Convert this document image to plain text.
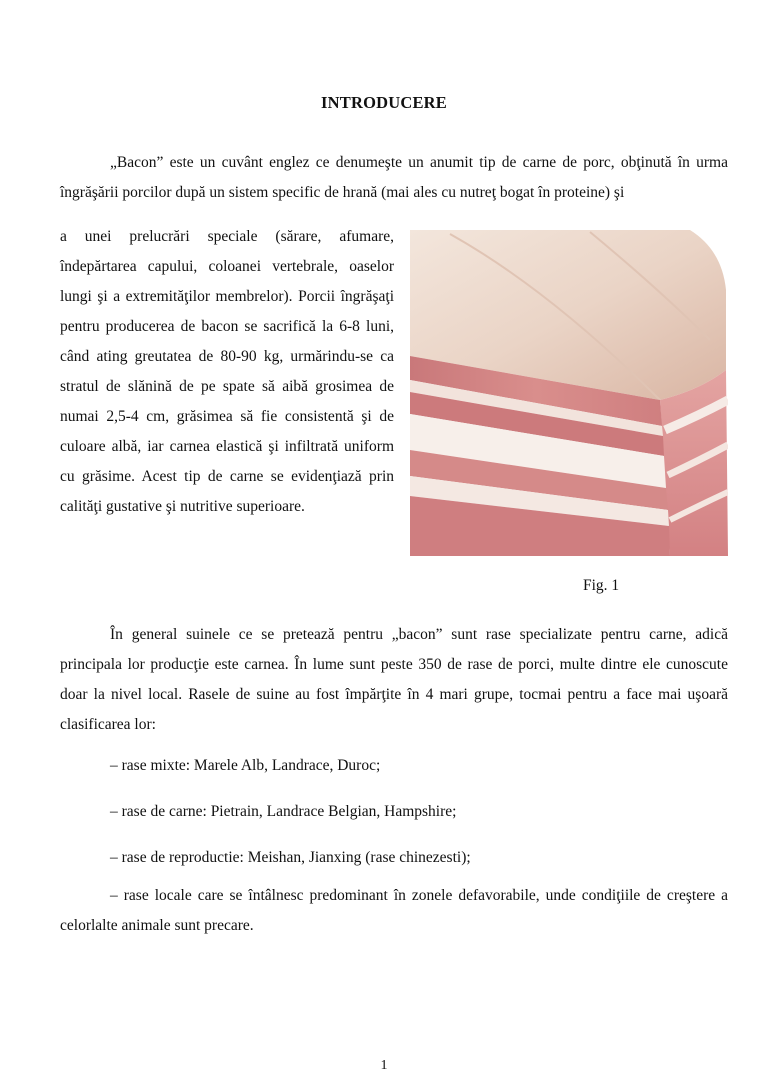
INTRODUCERE

„Bacon” este un cuvânt englez ce denumeşte un anumit tip de carne de porc, obţinută în urma îngrăşării porcilor după un sistem specific de hrană (mai ales cu nutreţ bogat în proteine) şi

a unei prelucrări speciale (sărare, afumare, îndepărtarea capului, coloanei vertebrale, oaselor lungi şi a extremităţilor membrelor). Porcii îngrăşaţi pentru producerea de bacon se sacrifică la 6-8 luni, când ating greutatea de 80-90 kg, urmărindu-se ca stratul de slănină de pe spate să aibă grosimea de numai 2,5-4 cm, grăsimea să fie consistentă şi de culoare albă, iar carnea elastică şi infiltrată uniform cu grăsime. Acest tip de carne se evidenţiază prin calităţi gustative şi nutritive superioare.

Fig. 1

În general suinele ce se pretează pentru „bacon” sunt rase specializate pentru carne, adică principala lor producţie este carnea. În lume sunt peste 350 de rase de porci, multe dintre ele cunoscute doar la nivel local. Rasele de suine au fost împărţite în 4 mari grupe, tocmai pentru a face mai uşoară clasificarea lor:

– rase mixte: Marele Alb, Landrace, Duroc;

– rase de carne: Pietrain, Landrace Belgian, Hampshire;

– rase de reproductie: Meishan, Jianxing (rase chinezesti);

– rase locale care se întâlnesc predominant în zonele defavorabile, unde condiţiile de creştere a celorlalte animale sunt precare.

1
